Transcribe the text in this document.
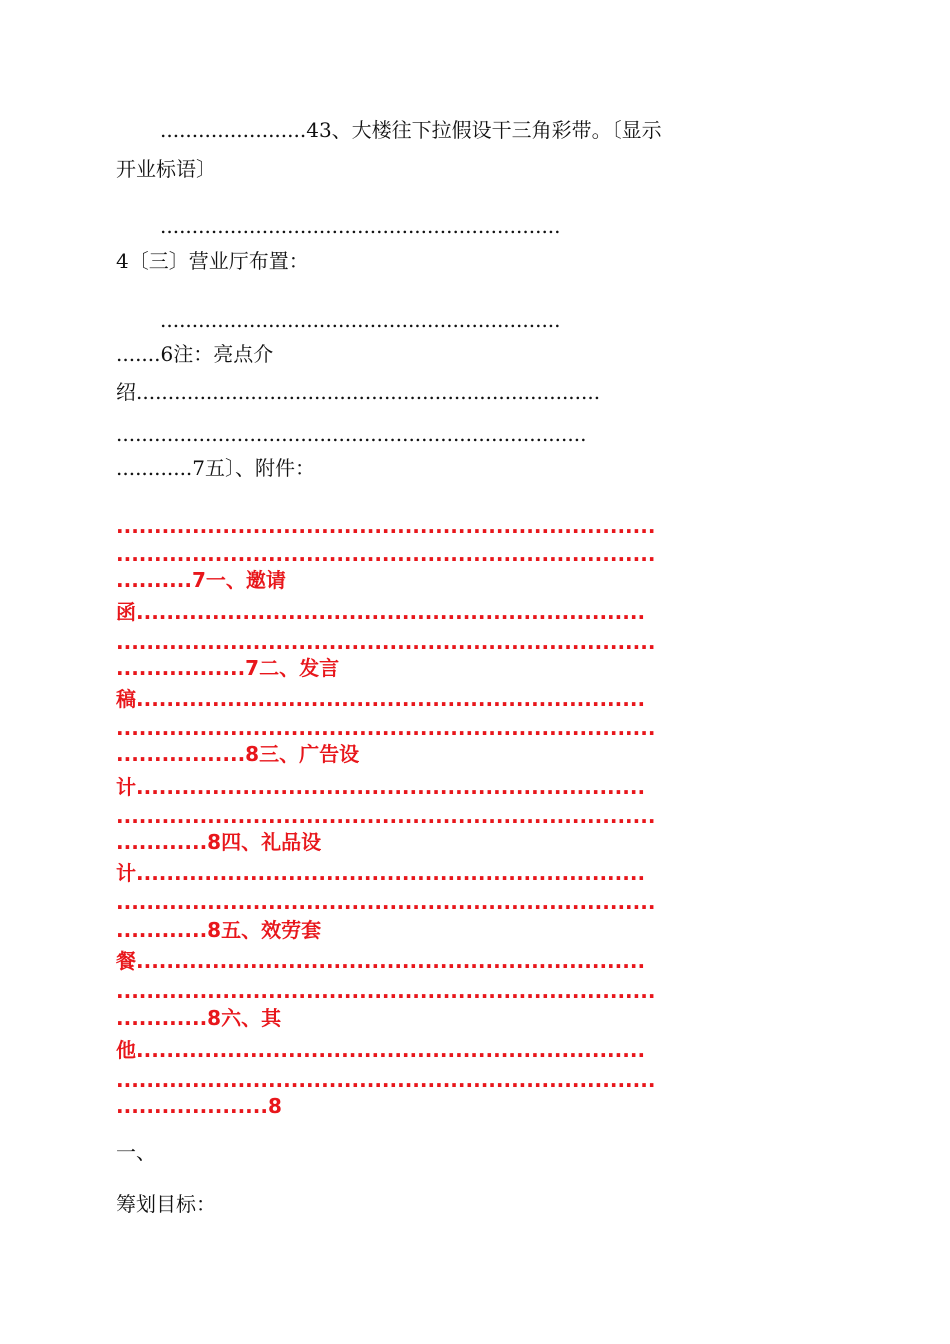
.......................43、大楼往下拉假设干三角彩带。〔显示
开业标语〕
...............................................................
4〔三〕营业厅布置：
...............................................................
.......6注：亮点介
绍.........................................................................
..........................................................................
............7五〕、附件：
.......................................................................
.......................................................................
..........7一、邀请
函...................................................................
.......................................................................
.................7二、发言
稿...................................................................
.......................................................................
.................8三、广告设
计...................................................................
.......................................................................
............8四、礼品设
计...................................................................
.......................................................................
............8五、效劳套
餐...................................................................
.......................................................................
............8六、其
他...................................................................
.......................................................................
....................8
一、
筹划目标：
